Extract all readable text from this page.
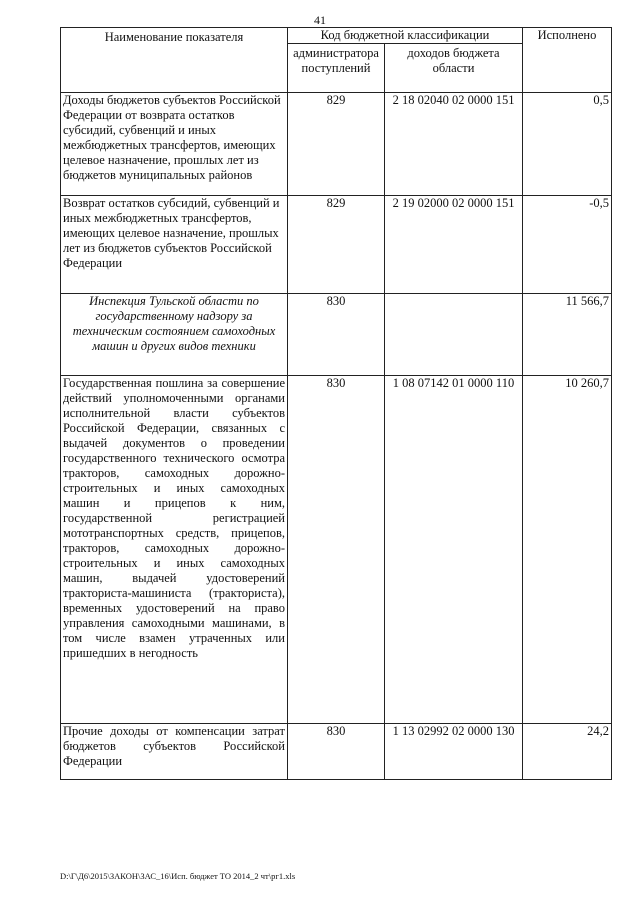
41
Наименование показателя	Код бюджетной классификации		Исполнено
	администратора поступлений	доходов бюджета области	
Доходы бюджетов субъектов Российской Федерации от возврата остатков субсидий, субвенций и иных межбюджетных трансфертов, имеющих целевое назначение, прошлых лет из бюджетов муниципальных районов	829	2 18 02040 02 0000 151	0,5
Возврат остатков субсидий, субвенций и иных межбюджетных трансфертов, имеющих целевое назначение, прошлых лет из бюджетов субъектов Российской Федерации	829	2 19 02000 02 0000 151	-0,5
Инспекция Тульской области по государственному надзору за техническим состоянием самоходных машин и других видов техники	830		11 566,7
Государственная пошлина за совершение действий уполномоченными органами исполнительной власти субъектов Российской Федерации, связанных с выдачей документов о проведении государственного технического осмотра тракторов, самоходных дорожно-строительных и иных самоходных машин и прицепов к ним, государственной регистрацией мототранспортных средств, прицепов, тракторов, самоходных дорожно-строительных и иных самоходных машин, выдачей удостоверений тракториста-машиниста (тракториста), временных удостоверений на право управления самоходными машинами, в том числе взамен утраченных или пришедших в негодность	830	1 08 07142 01 0000 110	10 260,7
Прочие доходы от компенсации затрат бюджетов субъектов Российской Федерации	830	1 13 02992 02 0000 130	24,2
D:\Г\Д6\2015\ЗАКОН\ЗАС_16\Исп. бюджет ТО 2014_2 чт\рг1.xls
